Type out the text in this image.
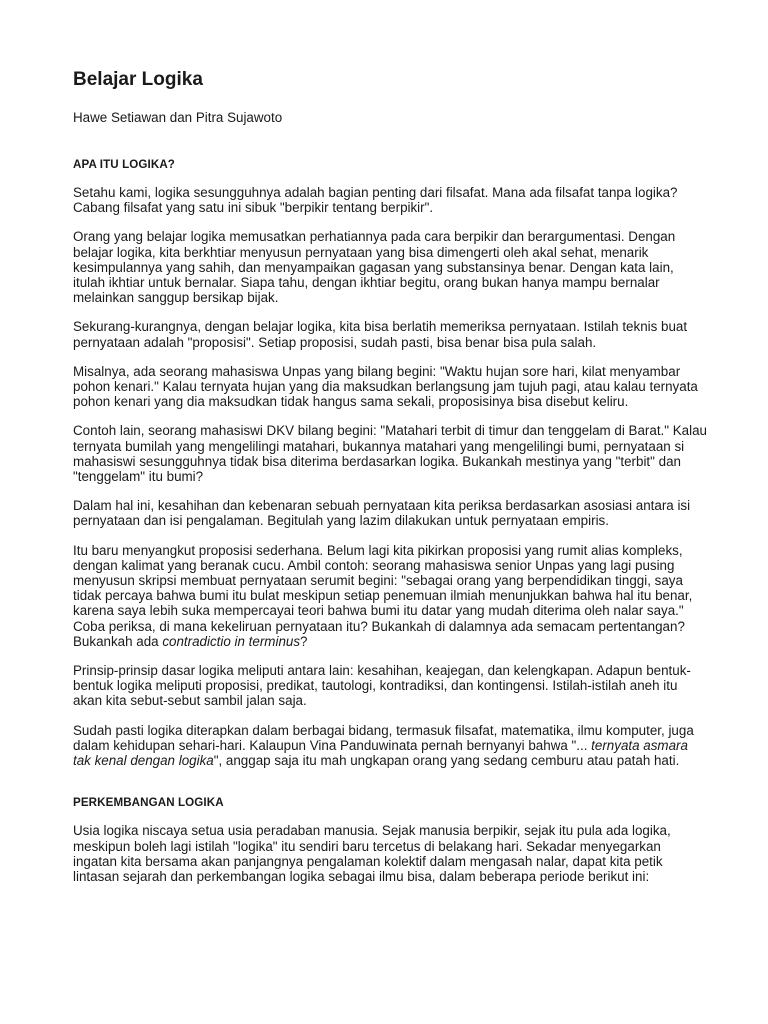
Belajar Logika

Hawe Setiawan dan Pitra Sujawoto

APA ITU LOGIKA?

Setahu kami, logika sesungguhnya adalah bagian penting dari filsafat. Mana ada filsafat tanpa logika? Cabang filsafat yang satu ini sibuk "berpikir tentang berpikir".

Orang yang belajar logika memusatkan perhatiannya pada cara berpikir dan berargumentasi. Dengan belajar logika, kita berkhtiar menyusun pernyataan yang bisa dimengerti oleh akal sehat, menarik kesimpulannya yang sahih, dan menyampaikan gagasan yang substansinya benar. Dengan kata lain, itulah ikhtiar untuk bernalar. Siapa tahu, dengan ikhtiar begitu, orang bukan hanya mampu bernalar melainkan sanggup bersikap bijak.

Sekurang-kurangnya, dengan belajar logika, kita bisa berlatih memeriksa pernyataan. Istilah teknis buat pernyataan adalah "proposisi". Setiap proposisi, sudah pasti, bisa benar bisa pula salah.

Misalnya, ada seorang mahasiswa Unpas yang bilang begini: "Waktu hujan sore hari, kilat menyambar pohon kenari." Kalau ternyata hujan yang dia maksudkan berlangsung jam tujuh pagi, atau kalau ternyata pohon kenari yang dia maksudkan tidak hangus sama sekali, proposisinya bisa disebut keliru.

Contoh lain, seorang mahasiswi DKV bilang begini: "Matahari terbit di timur dan tenggelam di Barat." Kalau ternyata bumilah yang mengelilingi matahari, bukannya matahari yang mengelilingi bumi, pernyataan si mahasiswi sesungguhnya tidak bisa diterima berdasarkan logika. Bukankah mestinya yang "terbit" dan "tenggelam" itu bumi?

Dalam hal ini, kesahihan dan kebenaran sebuah pernyataan kita periksa berdasarkan asosiasi antara isi pernyataan dan isi pengalaman. Begitulah yang lazim dilakukan untuk pernyataan empiris.

Itu baru menyangkut proposisi sederhana. Belum lagi kita pikirkan proposisi yang rumit alias kompleks, dengan kalimat yang beranak cucu. Ambil contoh: seorang mahasiswa senior Unpas yang lagi pusing menyusun skripsi membuat pernyataan serumit begini: "sebagai orang yang berpendidikan tinggi, saya tidak percaya bahwa bumi itu bulat meskipun setiap penemuan ilmiah menunjukkan bahwa hal itu benar, karena saya lebih suka mempercayai teori bahwa bumi itu datar yang mudah diterima oleh nalar saya." Coba periksa, di mana kekeliruan pernyataan itu? Bukankah di dalamnya ada semacam pertentangan? Bukankah ada contradictio in terminus?

Prinsip-prinsip dasar logika meliputi antara lain: kesahihan, keajegan, dan kelengkapan. Adapun bentuk-bentuk logika meliputi proposisi, predikat, tautologi, kontradiksi, dan kontingensi. Istilah-istilah aneh itu akan kita sebut-sebut sambil jalan saja.

Sudah pasti logika diterapkan dalam berbagai bidang, termasuk filsafat, matematika, ilmu komputer, juga dalam kehidupan sehari-hari. Kalaupun Vina Panduwinata pernah bernyanyi bahwa "... ternyata asmara tak kenal dengan logika", anggap saja itu mah ungkapan orang yang sedang cemburu atau patah hati.

PERKEMBANGAN LOGIKA

Usia logika niscaya setua usia peradaban manusia. Sejak manusia berpikir, sejak itu pula ada logika, meskipun boleh lagi istilah "logika" itu sendiri baru tercetus di belakang hari. Sekadar menyegarkan ingatan kita bersama akan panjangnya pengalaman kolektif dalam mengasah nalar, dapat kita petik lintasan sejarah dan perkembangan logika sebagai ilmu bisa, dalam beberapa periode berikut ini:
